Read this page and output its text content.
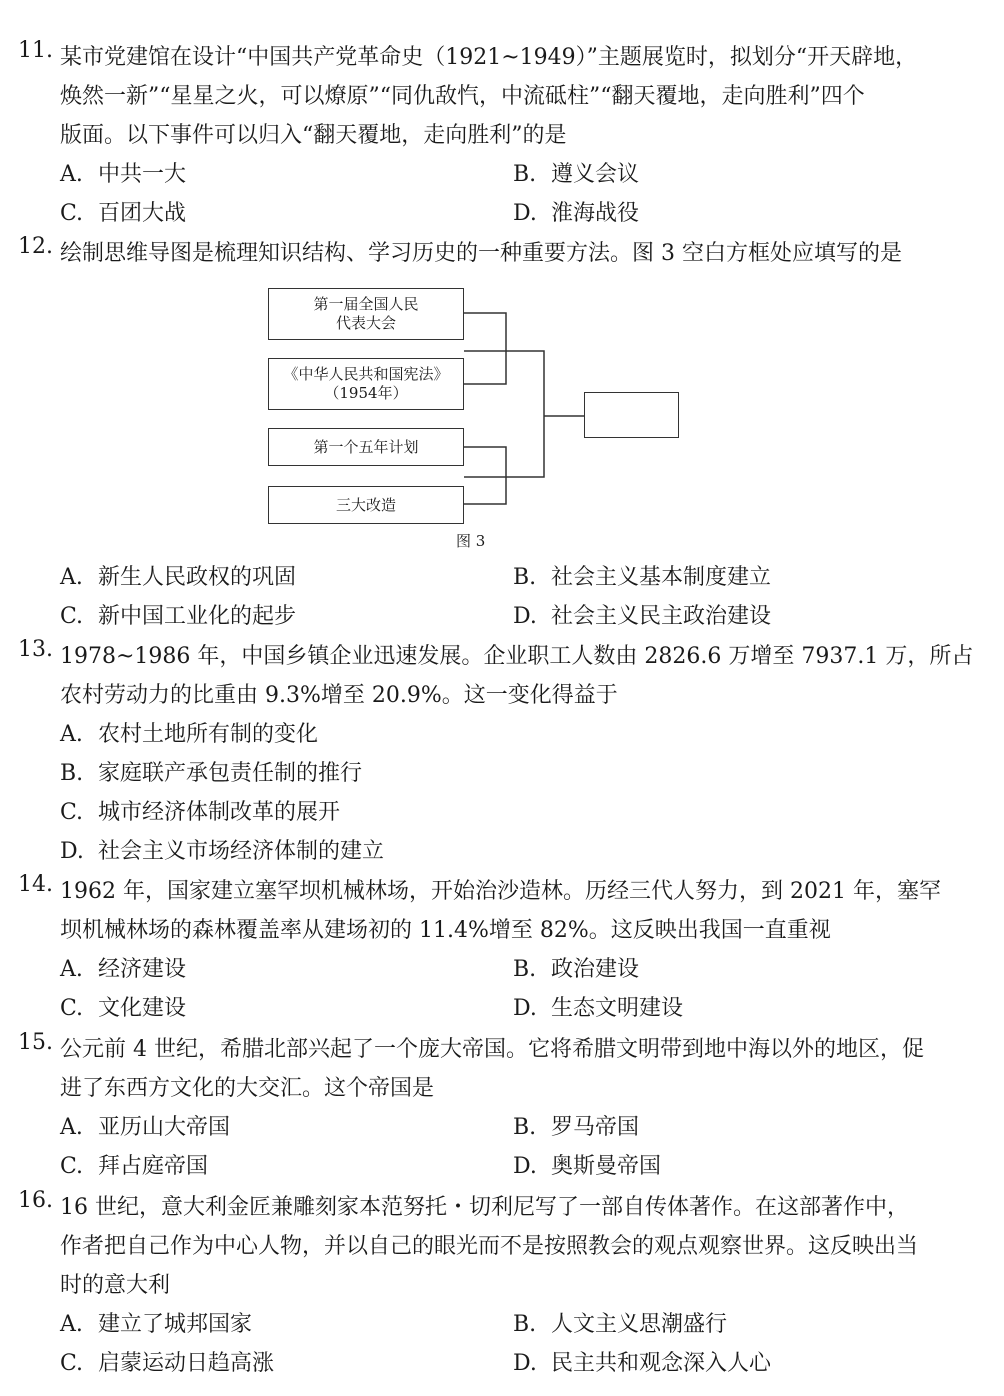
11. 某市党建馆在设计“中国共产党革命史（1921~1949）”主题展览时，拟划分“开天辟地，
焕然一新”“星星之火，可以燎原”“同仇敌忾，中流砥柱”“翻天覆地，走向胜利”四个
版面。以下事件可以归入“翻天覆地，走向胜利”的是
A. 中共一大	B. 遵义会议
C. 百团大战	D. 淮海战役
12. 绘制思维导图是梳理知识结构、学习历史的一种重要方法。图 3 空白方框处应填写的是
第一届全国人民
代表大会
《中华人民共和国宪法》
（1954年）
第一个五年计划
三大改造
图 3
A. 新生人民政权的巩固	B. 社会主义基本制度建立
C. 新中国工业化的起步	D. 社会主义民主政治建设
13. 1978~1986 年，中国乡镇企业迅速发展。企业职工人数由 2826.6 万增至 7937.1 万，所占
农村劳动力的比重由 9.3%增至 20.9%。这一变化得益于
A. 农村土地所有制的变化
B. 家庭联产承包责任制的推行
C. 城市经济体制改革的展开
D. 社会主义市场经济体制的建立
14. 1962 年，国家建立塞罕坝机械林场，开始治沙造林。历经三代人努力，到 2021 年，塞罕
坝机械林场的森林覆盖率从建场初的 11.4%增至 82%。这反映出我国一直重视
A. 经济建设	B. 政治建设
C. 文化建设	D. 生态文明建设
15. 公元前 4 世纪，希腊北部兴起了一个庞大帝国。它将希腊文明带到地中海以外的地区，促
进了东西方文化的大交汇。这个帝国是
A. 亚历山大帝国	B. 罗马帝国
C. 拜占庭帝国	D. 奥斯曼帝国
16. 16 世纪，意大利金匠兼雕刻家本范努托・切利尼写了一部自传体著作。在这部著作中，
作者把自己作为中心人物，并以自己的眼光而不是按照教会的观点观察世界。这反映出当
时的意大利
A. 建立了城邦国家	B. 人文主义思潮盛行
C. 启蒙运动日趋高涨	D. 民主共和观念深入人心
